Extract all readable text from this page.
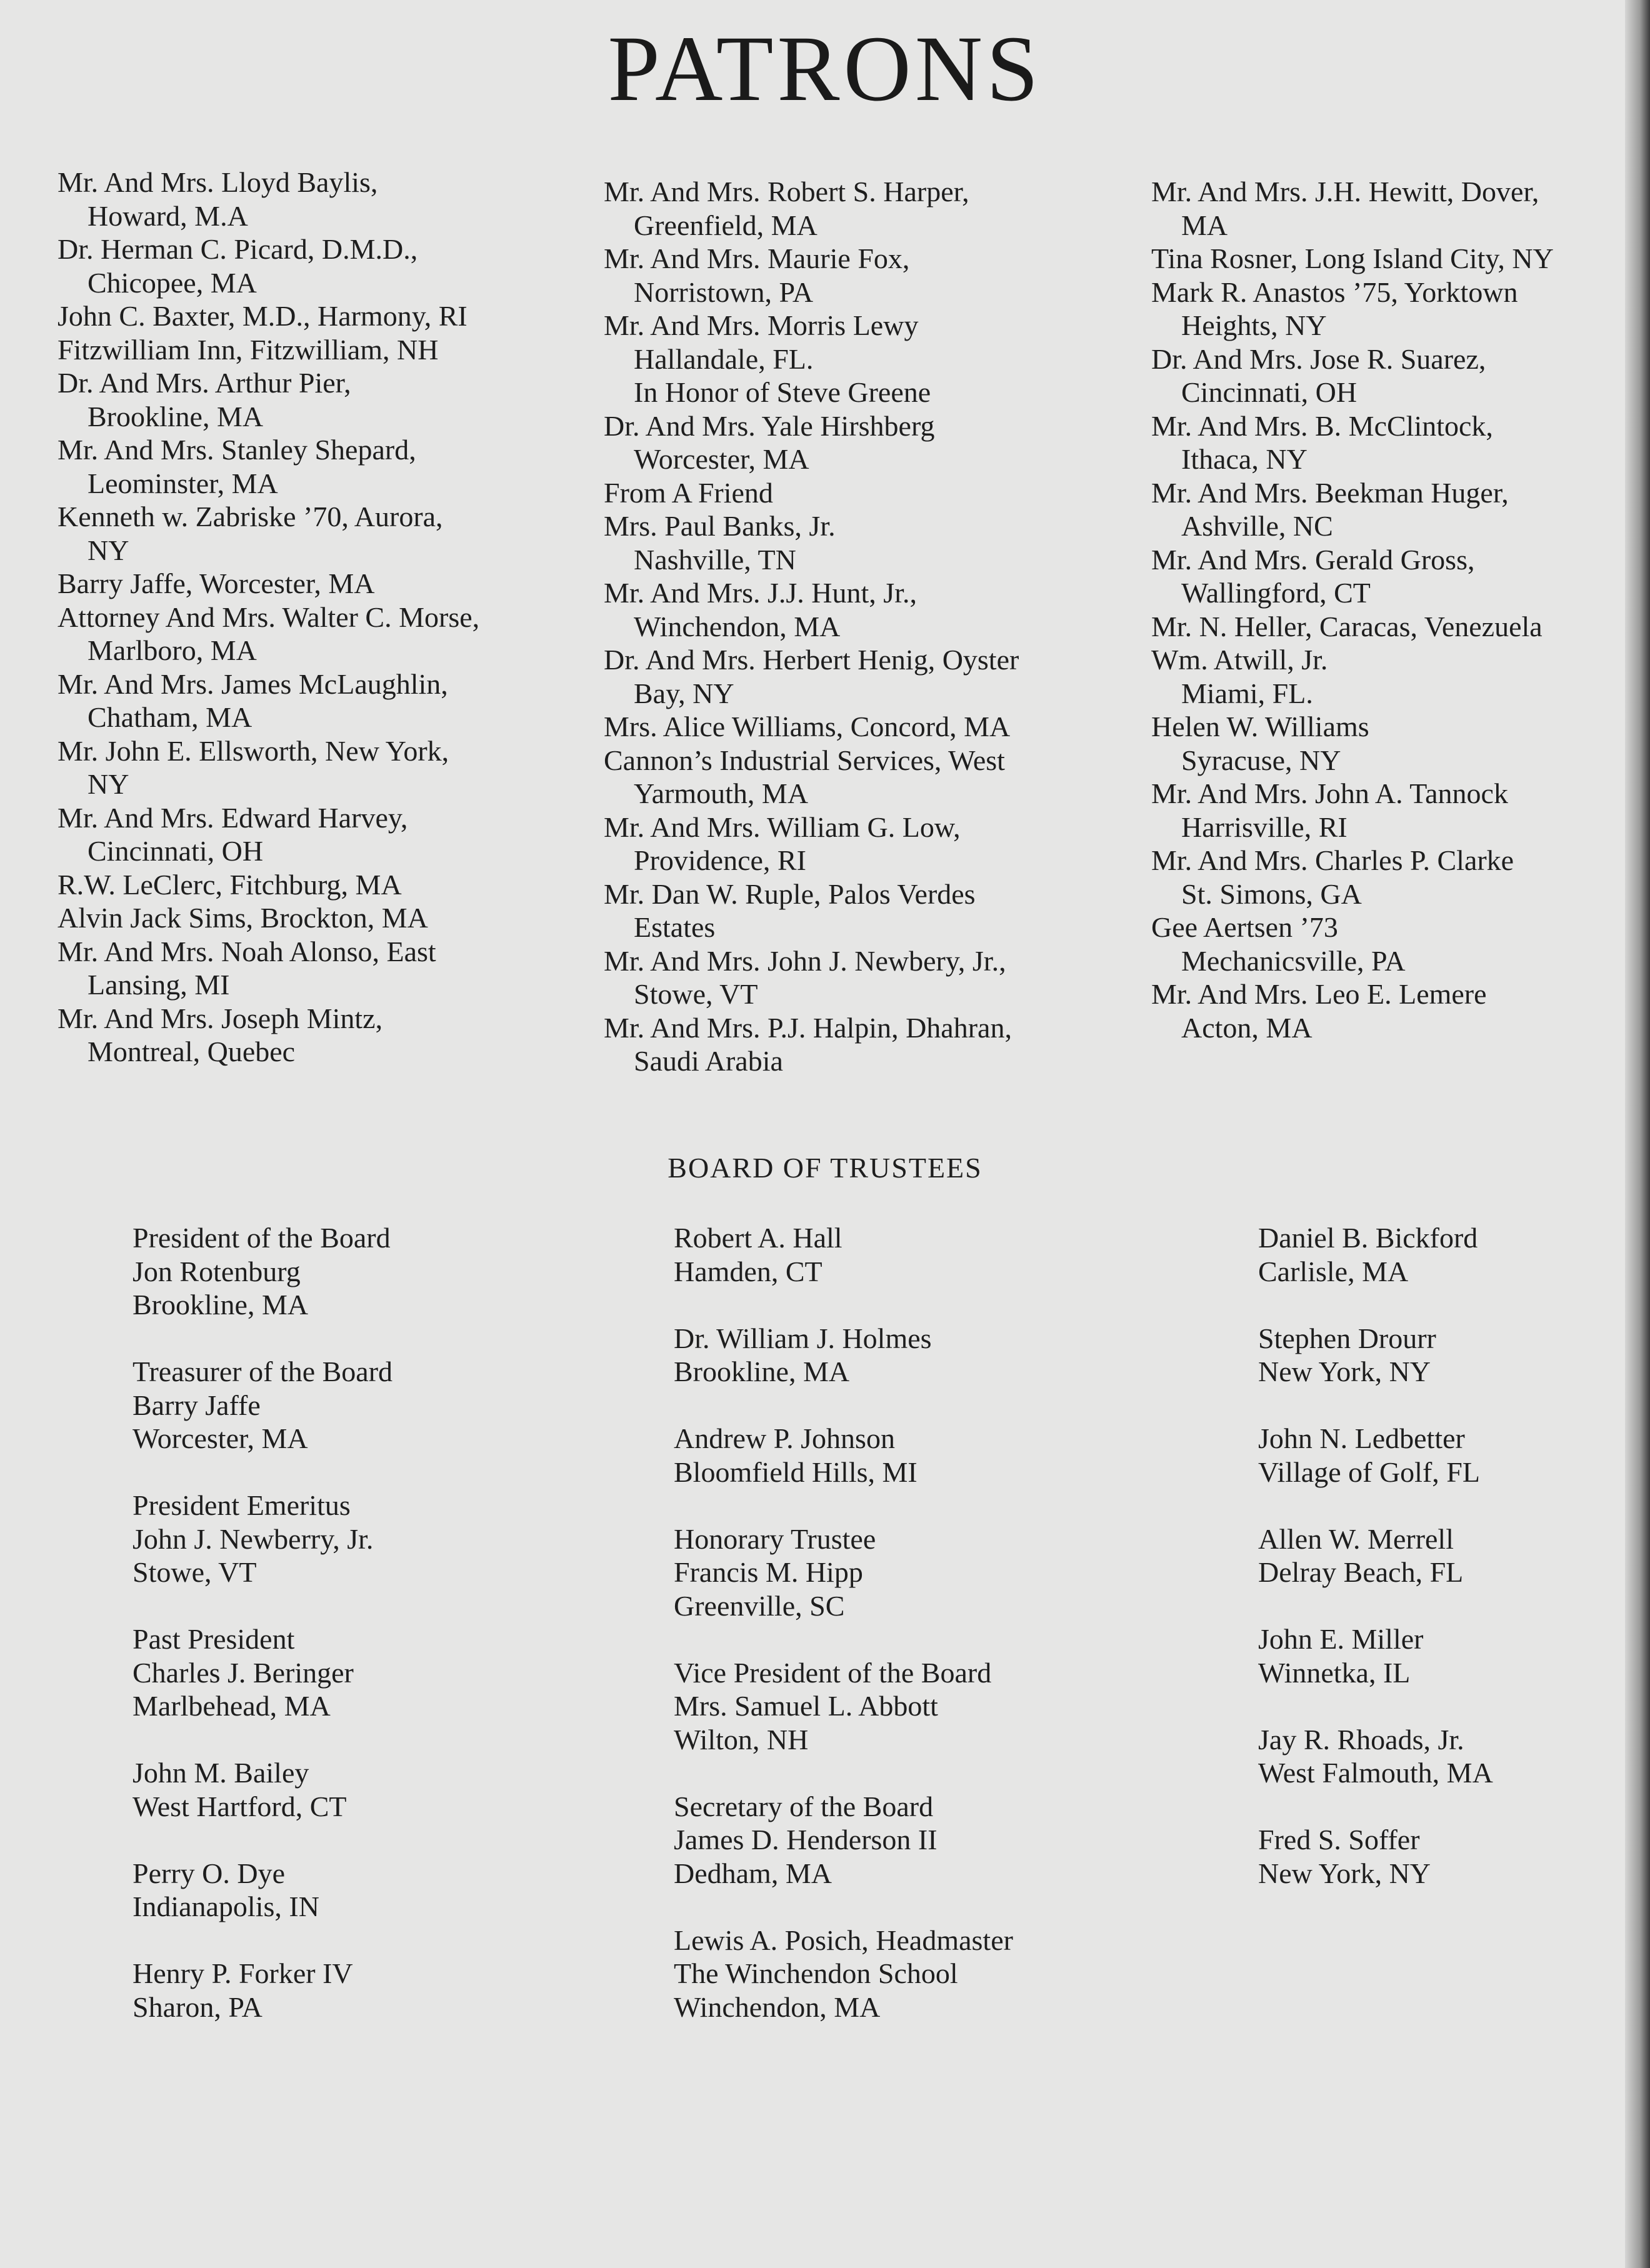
PATRONS
Mr. And Mrs. Lloyd Baylis,
Howard, M.A
Dr. Herman C. Picard, D.M.D.,
Chicopee, MA
John C. Baxter, M.D., Harmony, RI
Fitzwilliam Inn, Fitzwilliam, NH
Dr. And Mrs. Arthur Pier,
Brookline, MA
Mr. And Mrs. Stanley Shepard,
Leominster, MA
Kenneth w. Zabriske ’70, Aurora,
NY
Barry Jaffe, Worcester, MA
Attorney And Mrs. Walter C. Morse,
Marlboro, MA
Mr. And Mrs. James McLaughlin,
Chatham, MA
Mr. John E. Ellsworth, New York,
NY
Mr. And Mrs. Edward Harvey,
Cincinnati, OH
R.W. LeClerc, Fitchburg, MA
Alvin Jack Sims, Brockton, MA
Mr. And Mrs. Noah Alonso, East
Lansing, MI
Mr. And Mrs. Joseph Mintz,
Montreal, Quebec
Mr. And Mrs. Robert S. Harper,
Greenfield, MA
Mr. And Mrs. Maurie Fox,
Norristown, PA
Mr. And Mrs. Morris Lewy
Hallandale, FL.
In Honor of Steve Greene
Dr. And Mrs. Yale Hirshberg
Worcester, MA
From A Friend
Mrs. Paul Banks, Jr.
Nashville, TN
Mr. And Mrs. J.J. Hunt, Jr.,
Winchendon, MA
Dr. And Mrs. Herbert Henig, Oyster
Bay, NY
Mrs. Alice Williams, Concord, MA
Cannon’s Industrial Services, West
Yarmouth, MA
Mr. And Mrs. William G. Low,
Providence, RI
Mr. Dan W. Ruple, Palos Verdes
Estates
Mr. And Mrs. John J. Newbery, Jr.,
Stowe, VT
Mr. And Mrs. P.J. Halpin, Dhahran,
Saudi Arabia
Mr. And Mrs. J.H. Hewitt, Dover,
MA
Tina Rosner, Long Island City, NY
Mark R. Anastos ’75, Yorktown
Heights, NY
Dr. And Mrs. Jose R. Suarez,
Cincinnati, OH
Mr. And Mrs. B. McClintock,
Ithaca, NY
Mr. And Mrs. Beekman Huger,
Ashville, NC
Mr. And Mrs. Gerald Gross,
Wallingford, CT
Mr. N. Heller, Caracas, Venezuela
Wm. Atwill, Jr.
Miami, FL.
Helen W. Williams
Syracuse, NY
Mr. And Mrs. John A. Tannock
Harrisville, RI
Mr. And Mrs. Charles P. Clarke
St. Simons, GA
Gee Aertsen ’73
Mechanicsville, PA
Mr. And Mrs. Leo E. Lemere
Acton, MA
BOARD OF TRUSTEES
President of the Board
Jon Rotenburg
Brookline, MA
Treasurer of the Board
Barry Jaffe
Worcester, MA
President Emeritus
John J. Newberry, Jr.
Stowe, VT
Past President
Charles J. Beringer
Marlbehead, MA
John M. Bailey
West Hartford, CT
Perry O. Dye
Indianapolis, IN
Henry P. Forker IV
Sharon, PA
Robert A. Hall
Hamden, CT
Dr. William J. Holmes
Brookline, MA
Andrew P. Johnson
Bloomfield Hills, MI
Honorary Trustee
Francis M. Hipp
Greenville, SC
Vice President of the Board
Mrs. Samuel L. Abbott
Wilton, NH
Secretary of the Board
James D. Henderson II
Dedham, MA
Lewis A. Posich, Headmaster
The Winchendon School
Winchendon, MA
Daniel B. Bickford
Carlisle, MA
Stephen Drourr
New York, NY
John N. Ledbetter
Village of Golf, FL
Allen W. Merrell
Delray Beach, FL
John E. Miller
Winnetka, IL
Jay R. Rhoads, Jr.
West Falmouth, MA
Fred S. Soffer
New York, NY
